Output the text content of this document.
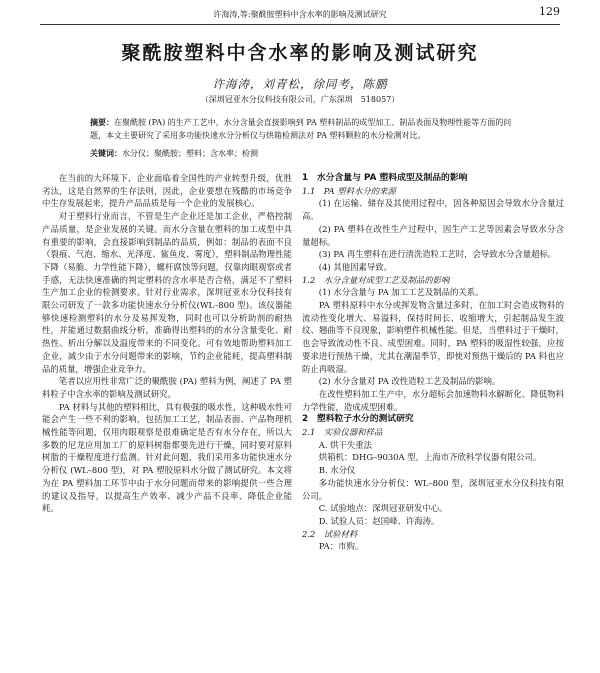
许海涛,等:聚酰胺塑料中含水率的影响及测试研究	129
聚酰胺塑料中含水率的影响及测试研究
许海涛，刘青松，徐同考，陈鹏
（深圳冠亚水分仪科技有限公司，广东深圳　518057）
摘要：在聚酰胺 (PA) 的生产工艺中，水分含量会直接影响到 PA 塑料制品的成型加工、制品表面及物理性能等方面的问题，本文主要研究了采用多功能快速水分分析仪与烘箱检测法对 PA 塑料颗粒的水分检测对比。
关键词：水分仪；聚酰胺；塑料；含水率；检测

在当前的大环境下，企业面临着全国性的产业转型升级，优胜劣汰，这是自然界的生存法则，因此，企业要想在残酷的市场竞争中生存发展起来，提升产品品质是每一个企业的发展核心。

对于塑料行业而言，不管是生产企业还是加工企业，严格控制产品质量，是企业发展的关键。而水分含量在塑料的加工成型中具有重要的影响，会直接影响到制品的品质，例如：制品的表面不良（裂痕、气泡、缩水、光泽度、鲨鱼皮、雾度），塑料制品物理性能下降（易脆、力学性能下降），螺杆腐蚀等问题，仅靠肉眼观察或者手感，无法快速准确的判定塑料的含水率是否合格，满足不了塑料生产加工企业的检测要求。针对行业需求，深圳冠亚水分仪科技有限公司研发了一款多功能快速水分分析仪(WL–800 型)。该仪器能够快速检测塑料的水分及易挥发物，同时也可以分析助剂的耐热性，并能通过数据曲线分析，准确得出塑料的的水分含量变化、耐热性、析出分解以及温度带来的不同变化。可有效地帮助塑料加工企业，减少由于水分问题带来的影响，节约企业能耗，提高塑料制品的质量，增强企业竞争力。

笔者以应用性非常广泛的聚酰胺 (PA) 塑料为例，阐述了 PA 塑料粒子中含水率的影响及测试研究。

PA 材料与其他的塑料相比，具有极强的吸水性，这种吸水性可能会产生一些不利的影响，包括加工工艺，制品表面、产品物理机械性能等问题，仅用肉眼观察是很难确定是否有水分存在，所以大多数的尼龙应用加工厂的原料树脂都要先进行干燥，同时要对原料树脂的干燥程度进行监测。针对此问题，我们采用多功能快速水分分析仪 (WL–800 型)，对 PA 塑胶原料水分做了测试研究。本文将为在 PA 塑料加工环节中由于水分问题而带来的影响提供一些合理的建议及指导，以提高生产效率、减少产品不良率、降低企业能耗。

1　水分含量与 PA 塑料成型及制品的影响
1.1　PA 塑料水分的来源

(1) 在运输、储存及其使用过程中，因各种原因会导致水分含量过高。

(2) PA 塑料在改性生产过程中，因生产工艺等因素会导致水分含量超标。

(3) PA 再生塑料在进行清洗造粒工艺时，会导致水分含量超标。

(4) 其他因素导致。

1.2　水分含量对成型工艺及制品的影响

(1) 水分含量与 PA 加工工艺及制品的关系。

PA 塑料原料中水分或挥发物含量过多时，在加工时会造成物料的流动性变化增大、易溢料，保持时间长、收缩增大，引起制品发生波纹、翘曲等不良现象，影响塑件机械性能。但是，当塑料过于干燥时，也会导致流动性不良、成型困难。同时，PA 塑料的吸湿性较强，应按要求进行预热干燥，尤其在潮湿季节，即使对预热干燥后的 PA 料也应防止再吸湿。

(2) 水分含量对 PA 改性造粒工艺及制品的影响。

在改性塑料加工生产中，水分超标会加速物料水解断化、降低物料力学性能，造成成型困难。

2　塑料粒子水分的测试研究
2.1　实验仪器和样品

A. 烘干失重法

烘箱机：DHG–9030A 型，上海市齐欣科学仪器有限公司。

B. 水分仪

多功能快速水分分析仪：WL–800 型，深圳冠亚水分仪科技有限公司。

C. 试验地点：深圳冠亚研发中心。

D. 试验人员：赵国峰、许海涛。

2.2　试验材料

PA：市购。
